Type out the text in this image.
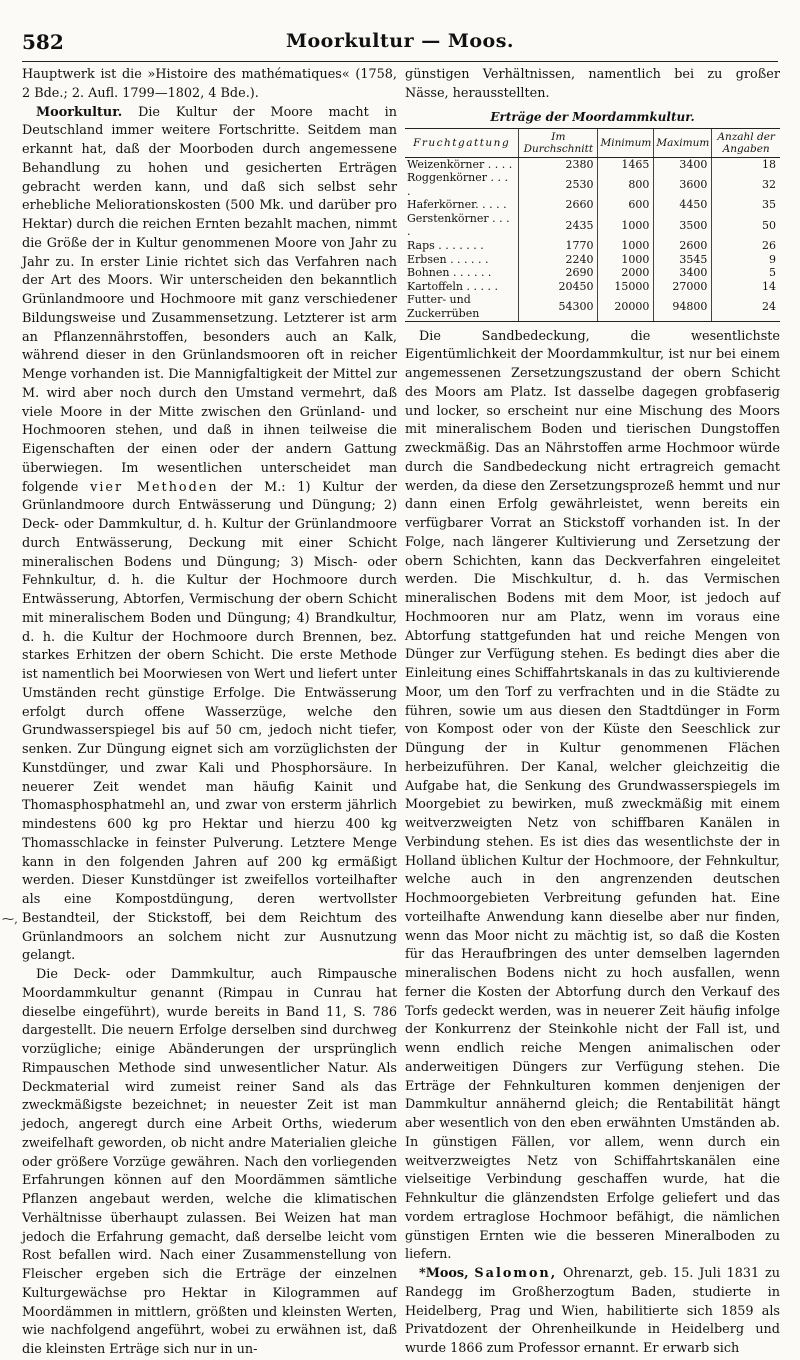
582	Moorkultur — Moos.
⁓‚

Hauptwerk ist die »Histoire des mathématiques« (1758, 2 Bde.; 2. Aufl. 1799—1802, 4 Bde.).

Moorkultur. Die Kultur der Moore macht in Deutschland immer weitere Fortschritte. Seitdem man erkannt hat, daß der Moorboden durch angemessene Behandlung zu hohen und gesicherten Erträgen gebracht werden kann, und daß sich selbst sehr erhebliche Meliorationskosten (500 Mk. und darüber pro Hektar) durch die reichen Ernten bezahlt machen, nimmt die Größe der in Kultur genommenen Moore von Jahr zu Jahr zu. In erster Linie richtet sich das Verfahren nach der Art des Moors. Wir unterscheiden den bekanntlich Grünlandmoore und Hochmoore mit ganz verschiedener Bildungsweise und Zusammensetzung. Letzterer ist arm an Pflanzennährstoffen, besonders auch an Kalk, während dieser in den Grünlandsmooren oft in reicher Menge vorhanden ist. Die Mannigfaltigkeit der Mittel zur M. wird aber noch durch den Umstand vermehrt, daß viele Moore in der Mitte zwischen den Grünland- und Hochmooren stehen, und daß in ihnen teilweise die Eigenschaften der einen oder der andern Gattung überwiegen. Im wesentlichen unterscheidet man folgende vier Methoden der M.: 1) Kultur der Grünlandmoore durch Entwässerung und Düngung; 2) Deck- oder Dammkultur, d. h. Kultur der Grünlandmoore durch Entwässerung, Deckung mit einer Schicht mineralischen Bodens und Düngung; 3) Misch- oder Fehnkultur, d. h. die Kultur der Hochmoore durch Entwässerung, Abtorfen, Vermischung der obern Schicht mit mineralischem Boden und Düngung; 4) Brandkultur, d. h. die Kultur der Hochmoore durch Brennen, bez. starkes Erhitzen der obern Schicht. Die erste Methode ist namentlich bei Moorwiesen von Wert und liefert unter Umständen recht günstige Erfolge. Die Entwässerung erfolgt durch offene Wasserzüge, welche den Grundwasserspiegel bis auf 50 cm, jedoch nicht tiefer, senken. Zur Düngung eignet sich am vorzüglichsten der Kunstdünger, und zwar Kali und Phosphorsäure. In neuerer Zeit wendet man häufig Kainit und Thomasphosphatmehl an, und zwar von ersterm jährlich mindestens 600 kg pro Hektar und hierzu 400 kg Thomasschlacke in feinster Pulverung. Letztere Menge kann in den folgenden Jahren auf 200 kg ermäßigt werden. Dieser Kunstdünger ist zweifellos vorteilhafter als eine Kompostdüngung, deren wertvollster Bestandteil, der Stickstoff, bei dem Reichtum des Grünlandmoors an solchem nicht zur Ausnutzung gelangt.

Die Deck- oder Dammkultur, auch Rimpausche Moordammkultur genannt (Rimpau in Cunrau hat dieselbe eingeführt), wurde bereits in Band 11, S. 786 dargestellt. Die neuern Erfolge derselben sind durchweg vorzügliche; einige Abänderungen der ursprünglich Rimpauschen Methode sind unwesentlicher Natur. Als Deckmaterial wird zumeist reiner Sand als das zweckmäßigste bezeichnet; in neuester Zeit ist man jedoch, angeregt durch eine Arbeit Orths, wiederum zweifelhaft geworden, ob nicht andre Materialien gleiche oder größere Vorzüge gewähren. Nach den vorliegenden Erfahrungen können auf den Moordämmen sämtliche Pflanzen angebaut werden, welche die klimatischen Verhältnisse überhaupt zulassen. Bei Weizen hat man jedoch die Erfahrung gemacht, daß derselbe leicht vom Rost befallen wird. Nach einer Zusammenstellung von Fleischer ergeben sich die Erträge der einzelnen Kulturgewächse pro Hektar in Kilogrammen auf Moordämmen in mittlern, größten und kleinsten Werten, wie nachfolgend angeführt, wobei zu erwähnen ist, daß die kleinsten Erträge sich nur in un-

günstigen Verhältnissen, namentlich bei zu großer Nässe, herausstellten.

Erträge der Moordammkultur.
Fruchtgattung	Im Durchschnitt	Minimum	Maximum	Anzahl der Angaben
Weizenkörner . . . .	2380	1465	3400	18
Roggenkörner . . . .	2530	800	3600	32
Haferkörner. . . . .	2660	600	4450	35
Gerstenkörner . . . .	2435	1000	3500	50
Raps . . . . . . .	1770	1000	2600	26
Erbsen . . . . . .	2240	1000	3545	9
Bohnen . . . . . .	2690	2000	3400	5
Kartoffeln . . . . .	20450	15000	27000	14
Futter- und Zuckerrüben	54300	20000	94800	24

Die Sandbedeckung, die wesentlichste Eigentümlichkeit der Moordammkultur, ist nur bei einem angemessenen Zersetzungszustand der obern Schicht des Moors am Platz. Ist dasselbe dagegen grobfaserig und locker, so erscheint nur eine Mischung des Moors mit mineralischem Boden und tierischen Dungstoffen zweckmäßig. Das an Nährstoffen arme Hochmoor würde durch die Sandbedeckung nicht ertragreich gemacht werden, da diese den Zersetzungsprozeß hemmt und nur dann einen Erfolg gewährleistet, wenn bereits ein verfügbarer Vorrat an Stickstoff vorhanden ist. In der Folge, nach längerer Kultivierung und Zersetzung der obern Schichten, kann das Deckverfahren eingeleitet werden. Die Mischkultur, d. h. das Vermischen mineralischen Bodens mit dem Moor, ist jedoch auf Hochmooren nur am Platz, wenn im voraus eine Abtorfung stattgefunden hat und reiche Mengen von Dünger zur Verfügung stehen. Es bedingt dies aber die Einleitung eines Schiffahrtskanals in das zu kultivierende Moor, um den Torf zu verfrachten und in die Städte zu führen, sowie um aus diesen den Stadtdünger in Form von Kompost oder von der Küste den Seeschlick zur Düngung der in Kultur genommenen Flächen herbeizuführen. Der Kanal, welcher gleichzeitig die Aufgabe hat, die Senkung des Grundwasserspiegels im Moorgebiet zu bewirken, muß zweckmäßig mit einem weitverzweigten Netz von schiffbaren Kanälen in Verbindung stehen. Es ist dies das wesentlichste der in Holland üblichen Kultur der Hochmoore, der Fehnkultur, welche auch in den angrenzenden deutschen Hochmoorgebieten Verbreitung gefunden hat. Eine vorteilhafte Anwendung kann dieselbe aber nur finden, wenn das Moor nicht zu mächtig ist, so daß die Kosten für das Heraufbringen des unter demselben lagernden mineralischen Bodens nicht zu hoch ausfallen, wenn ferner die Kosten der Abtorfung durch den Verkauf des Torfs gedeckt werden, was in neuerer Zeit häufig infolge der Konkurrenz der Steinkohle nicht der Fall ist, und wenn endlich reiche Mengen animalischen oder anderweitigen Düngers zur Verfügung stehen. Die Erträge der Fehnkulturen kommen denjenigen der Dammkultur annähernd gleich; die Rentabilität hängt aber wesentlich von den eben erwähnten Umständen ab. In günstigen Fällen, vor allem, wenn durch ein weitverzweigtes Netz von Schiffahrtskanälen eine vielseitige Verbindung geschaffen wurde, hat die Fehnkultur die glänzendsten Erfolge geliefert und das vordem ertraglose Hochmoor befähigt, die nämlichen günstigen Ernten wie die besseren Mineralboden zu liefern.

*Moos, Salomon, Ohrenarzt, geb. 15. Juli 1831 zu Randegg im Großherzogtum Baden, studierte in Heidelberg, Prag und Wien, habilitierte sich 1859 als Privatdozent der Ohrenheilkunde in Heidelberg und wurde 1866 zum Professor ernannt. Er erwarb sich
